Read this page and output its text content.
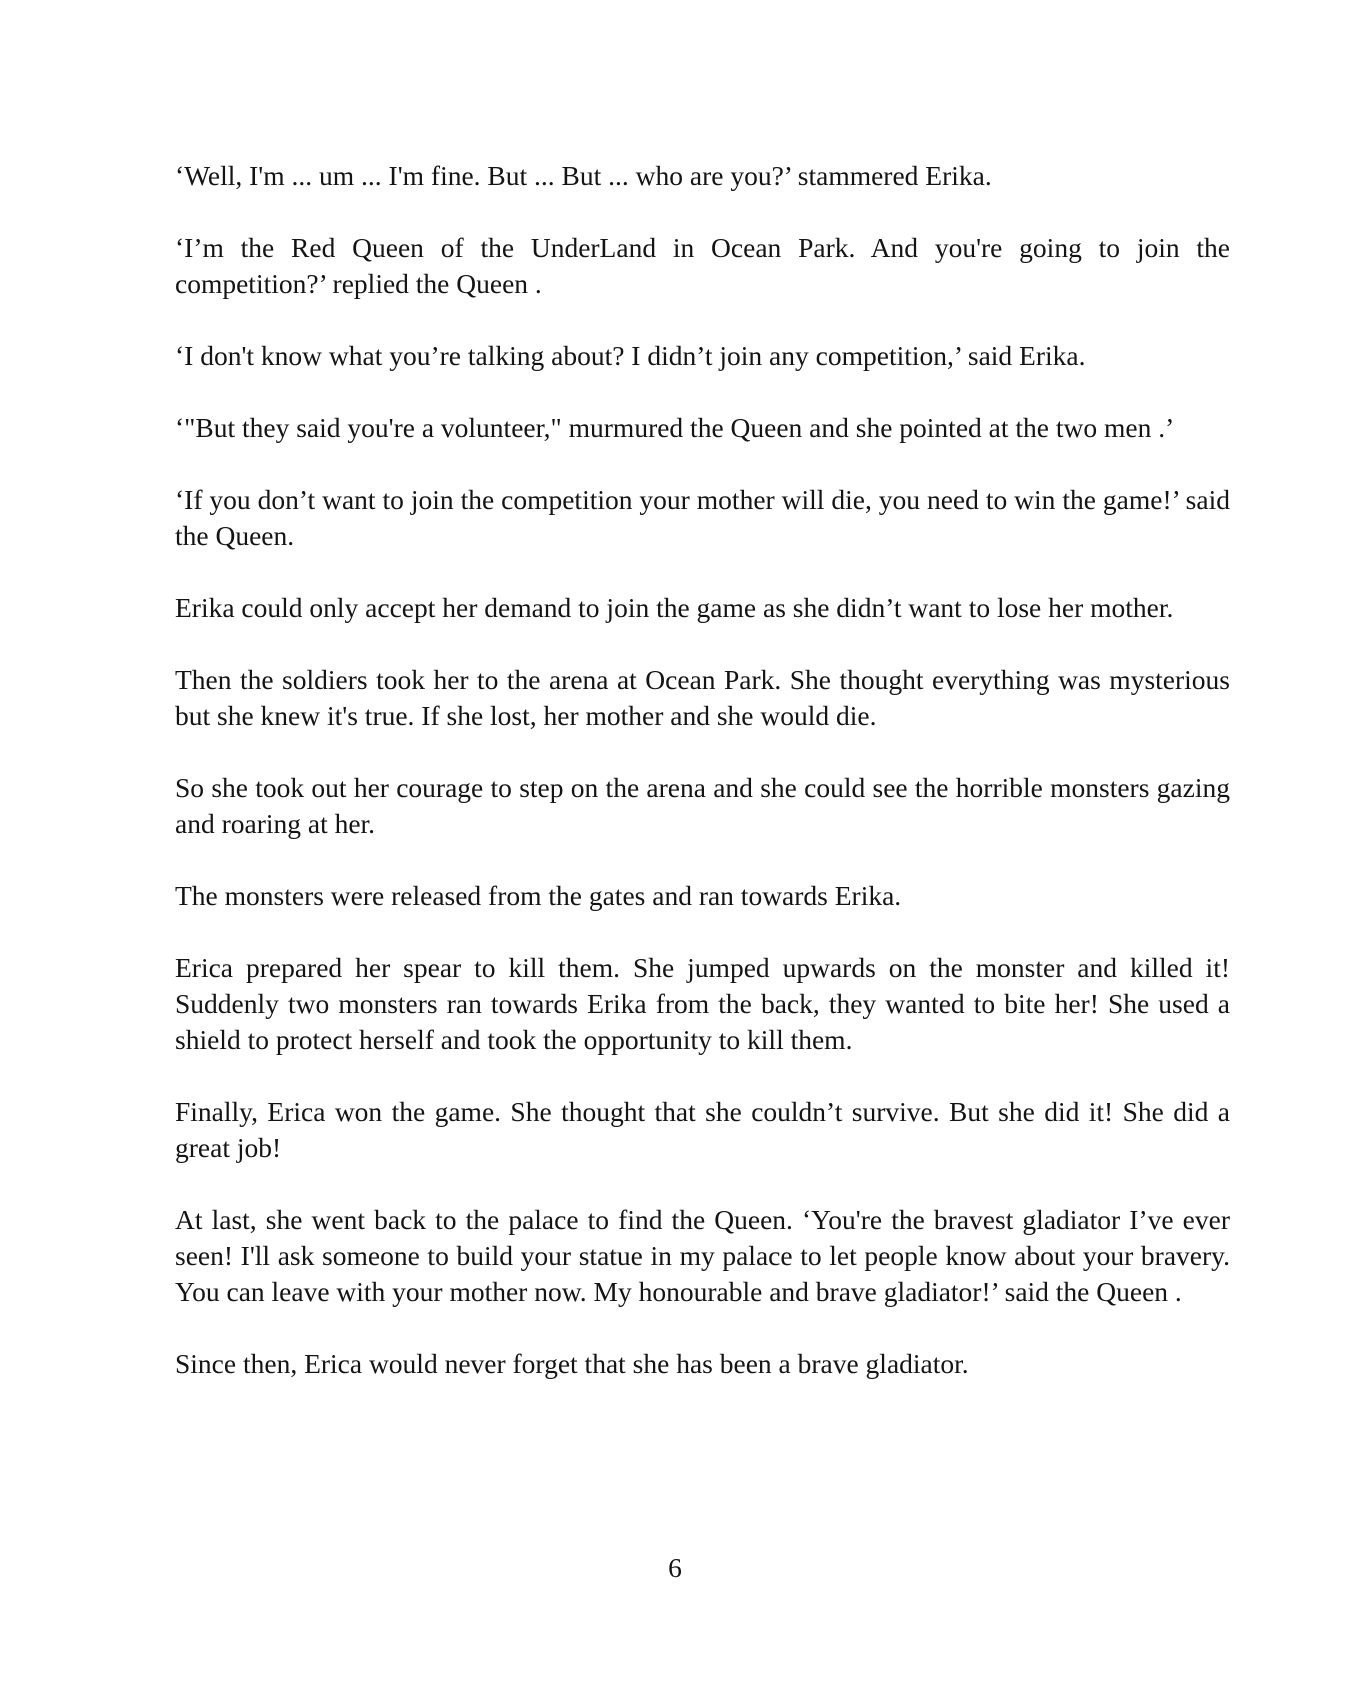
‘Well, I'm ... um ... I'm fine. But ... But ... who are you?’ stammered Erika.

‘I’m the Red Queen of the UnderLand in Ocean Park. And you're going to join the competition?’ replied the Queen .

‘I don't know what you’re talking about? I didn’t join any competition,’ said Erika.

‘"But they said you're a volunteer," murmured the Queen and she pointed at the two men .’

‘If you don’t want to join the competition your mother will die, you need to win the game!’ said the Queen.

Erika could only accept her demand to join the game as she didn’t want to lose her mother.

Then the soldiers took her to the arena at Ocean Park. She thought everything was mysterious but she knew it's true. If she lost, her mother and she would die.

So she took out her courage to step on the arena and she could see the horrible monsters gazing and roaring at her.

The monsters were released from the gates and ran towards Erika.

Erica prepared her spear to kill them. She jumped upwards on the monster and killed it! Suddenly two monsters ran towards Erika from the back, they wanted to bite her! She used a shield to protect herself and took the opportunity to kill them.

Finally, Erica won the game. She thought that she couldn’t survive. But she did it! She did a great job!

At last, she went back to the palace to find the Queen. ‘You're the bravest gladiator I’ve ever seen! I'll ask someone to build your statue in my palace to let people know about your bravery. You can leave with your mother now. My honourable and brave gladiator!’ said the Queen .

Since then, Erica would never forget that she has been a brave gladiator.

6
